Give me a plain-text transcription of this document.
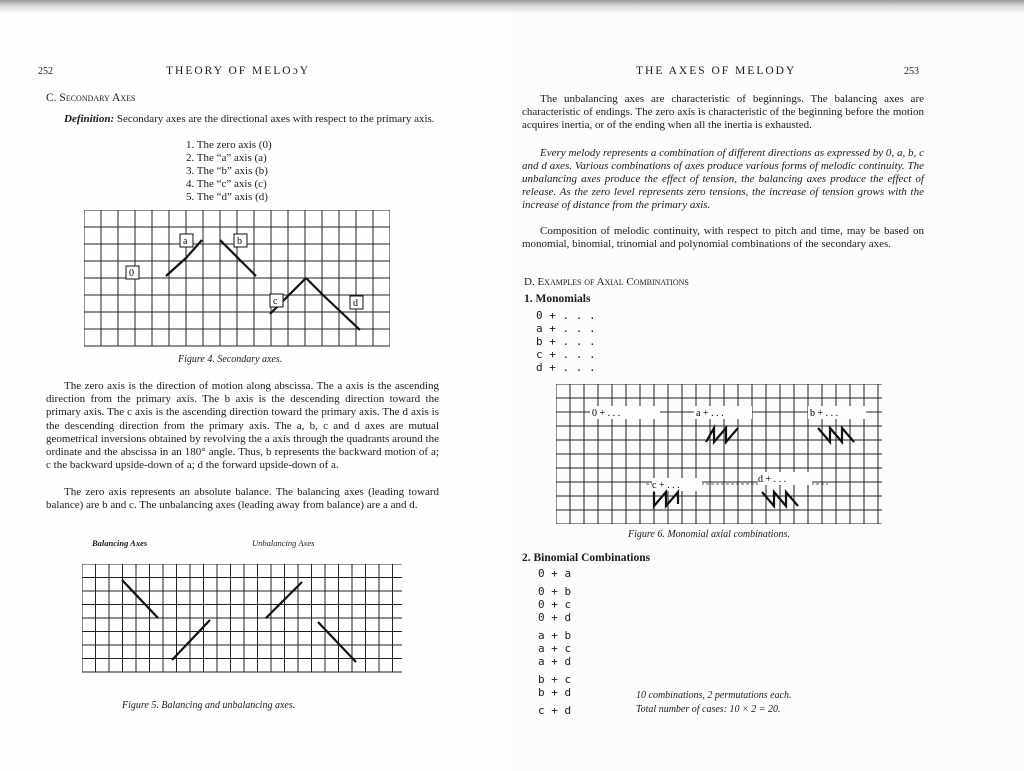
252	THEORY OF MELOɔY
C. Secondary Axes
Definition: Secondary axes are the directional axes with respect to the primary axis.
1. The zero axis (0)
2. The “a” axis (a)
3. The “b” axis (b)
4. The “c” axis (c)
5. The “d” axis (d)
a	b
0
c	d
Figure 4. Secondary axes.
The zero axis is the direction of motion along abscissa. The a axis is the ascending direction from the primary axis. The b axis is the descending direction toward the primary axis. The c axis is the ascending direction toward the primary axis. The d axis is the descending direction from the primary axis. The a, b, c and d axes are mutual geometrical inversions obtained by revolving the a axis through the quadrants around the ordinate and the abscissa in an 180° angle. Thus, b represents the backward motion of a; c the backward upside-down of a; d the forward upside-down of a.
The zero axis represents an absolute balance. The balancing axes (leading toward balance) are b and c. The unbalancing axes (leading away from balance) are a and d.
Balancing Axes	Unbalancing Axes
Figure 5. Balancing and unbalancing axes.
THE AXES OF MELODY	253
The unbalancing axes are characteristic of beginnings. The balancing axes are characteristic of endings. The zero axis is characteristic of the beginning before the motion acquires inertia, or of the ending when all the inertia is exhausted.
Every melody represents a combination of different directions as expressed by 0, a, b, c and d axes. Various combinations of axes produce various forms of melodic continuity. The unbalancing axes produce the effect of tension, the balancing axes produce the effect of release. As the zero level represents zero tensions, the increase of tension grows with the increase of distance from the primary axis.
Composition of melodic continuity, with respect to pitch and time, may be based on monomial, binomial, trinomial and polynomial combinations of the secondary axes.
D. Examples of Axial Combinations
1. Monomials
0 + . . .
a + . . .
b + . . .
c + . . .
d + . . .
0 + . . .	a + . . .	b + . . .
c + . . .
d + . . .
Figure 6. Monomial axial combinations.
2. Binomial Combinations
0 + a
0 + b
0 + c
0 + d
a + b
a + c
a + d
b + c
b + d
c + d
10 combinations, 2 permutations each.
Total number of cases: 10 × 2 = 20.
